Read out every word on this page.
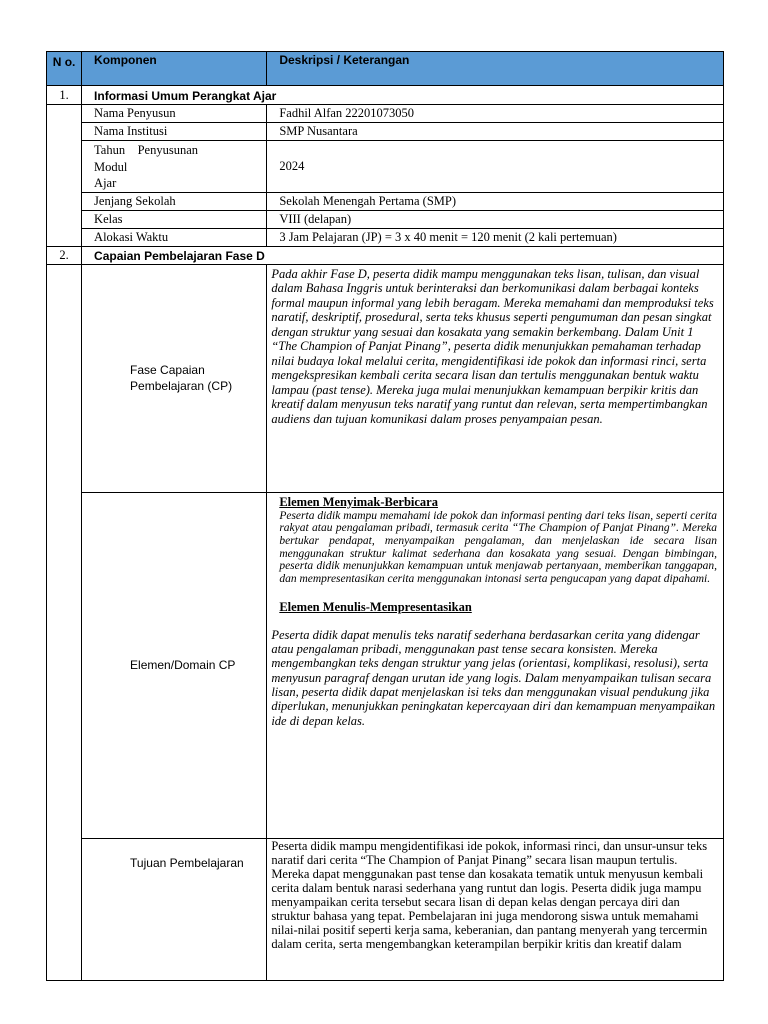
N o.	Komponen	Deskripsi / Keterangan
1.	Informasi Umum Perangkat Ajar	
	Nama Penyusun	Fadhil Alfan 22201073050
	Nama Institusi	SMP Nusantara

	Tahun    Penyusunan
Modul
Ajar	2024
	Jenjang Sekolah	Sekolah Menengah Pertama (SMP)
	Kelas	VIII (delapan)
	Alokasi Waktu	3 Jam Pelajaran (JP) = 3 x 40 menit = 120 menit (2 kali pertemuan)
2.	Capaian Pembelajaran Fase D	

	Fase Capaian
Pembelajaran (CP)	Pada akhir Fase D, peserta didik mampu menggunakan teks lisan, tulisan, dan visual dalam Bahasa Inggris untuk berinteraksi dan berkomunikasi dalam berbagai konteks formal maupun informal yang lebih beragam. Mereka memahami dan memproduksi teks naratif, deskriptif, prosedural, serta teks khusus seperti pengumuman dan pesan singkat dengan struktur yang sesuai dan kosakata yang semakin berkembang. Dalam Unit 1 “The Champion of Panjat Pinang”, peserta didik menunjukkan pemahaman terhadap nilai budaya lokal melalui cerita, mengidentifikasi ide pokok dan informasi rinci, serta mengekspresikan kembali cerita secara lisan dan tertulis menggunakan bentuk waktu lampau (past tense). Mereka juga mulai menunjukkan kemampuan berpikir kritis dan kreatif dalam menyusun teks naratif yang runtut dan relevan, serta mempertimbangkan audiens dan tujuan komunikasi dalam proses penyampaian pesan.
	Elemen/Domain CP	Elemen Menyimak-Berbicara
Peserta didik mampu memahami ide pokok dan informasi penting dari teks lisan, seperti cerita rakyat atau pengalaman pribadi, termasuk cerita “The Champion of Panjat Pinang”. Mereka bertukar pendapat, menyampaikan pengalaman, dan menjelaskan ide secara lisan menggunakan struktur kalimat sederhana dan kosakata yang sesuai. Dengan bimbingan, peserta didik menunjukkan kemampuan untuk menjawab pertanyaan, memberikan tanggapan, dan mempresentasikan cerita menggunakan intonasi serta pengucapan yang dapat dipahami.
Elemen Menulis-Mempresentasikan
Peserta didik dapat menulis teks naratif sederhana berdasarkan cerita yang didengar atau pengalaman pribadi, menggunakan past tense secara konsisten. Mereka mengembangkan teks dengan struktur yang jelas (orientasi, komplikasi, resolusi), serta menyusun paragraf dengan urutan ide yang logis. Dalam menyampaikan tulisan secara lisan, peserta didik dapat menjelaskan isi teks dan menggunakan visual pendukung jika diperlukan, menunjukkan peningkatan kepercayaan diri dan kemampuan menyampaikan ide di depan kelas.

	Tujuan Pembelajaran	Peserta didik mampu mengidentifikasi ide pokok, informasi rinci, dan unsur-unsur teks naratif dari cerita “The Champion of Panjat Pinang” secara lisan maupun tertulis. Mereka dapat menggunakan past tense dan kosakata tematik untuk menyusun kembali cerita dalam bentuk narasi sederhana yang runtut dan logis. Peserta didik juga mampu menyampaikan cerita tersebut secara lisan di depan kelas dengan percaya diri dan struktur bahasa yang tepat. Pembelajaran ini juga mendorong siswa untuk memahami nilai-nilai positif seperti kerja sama, keberanian, dan pantang menyerah yang tercermin dalam cerita, serta mengembangkan keterampilan berpikir kritis dan kreatif dalam
